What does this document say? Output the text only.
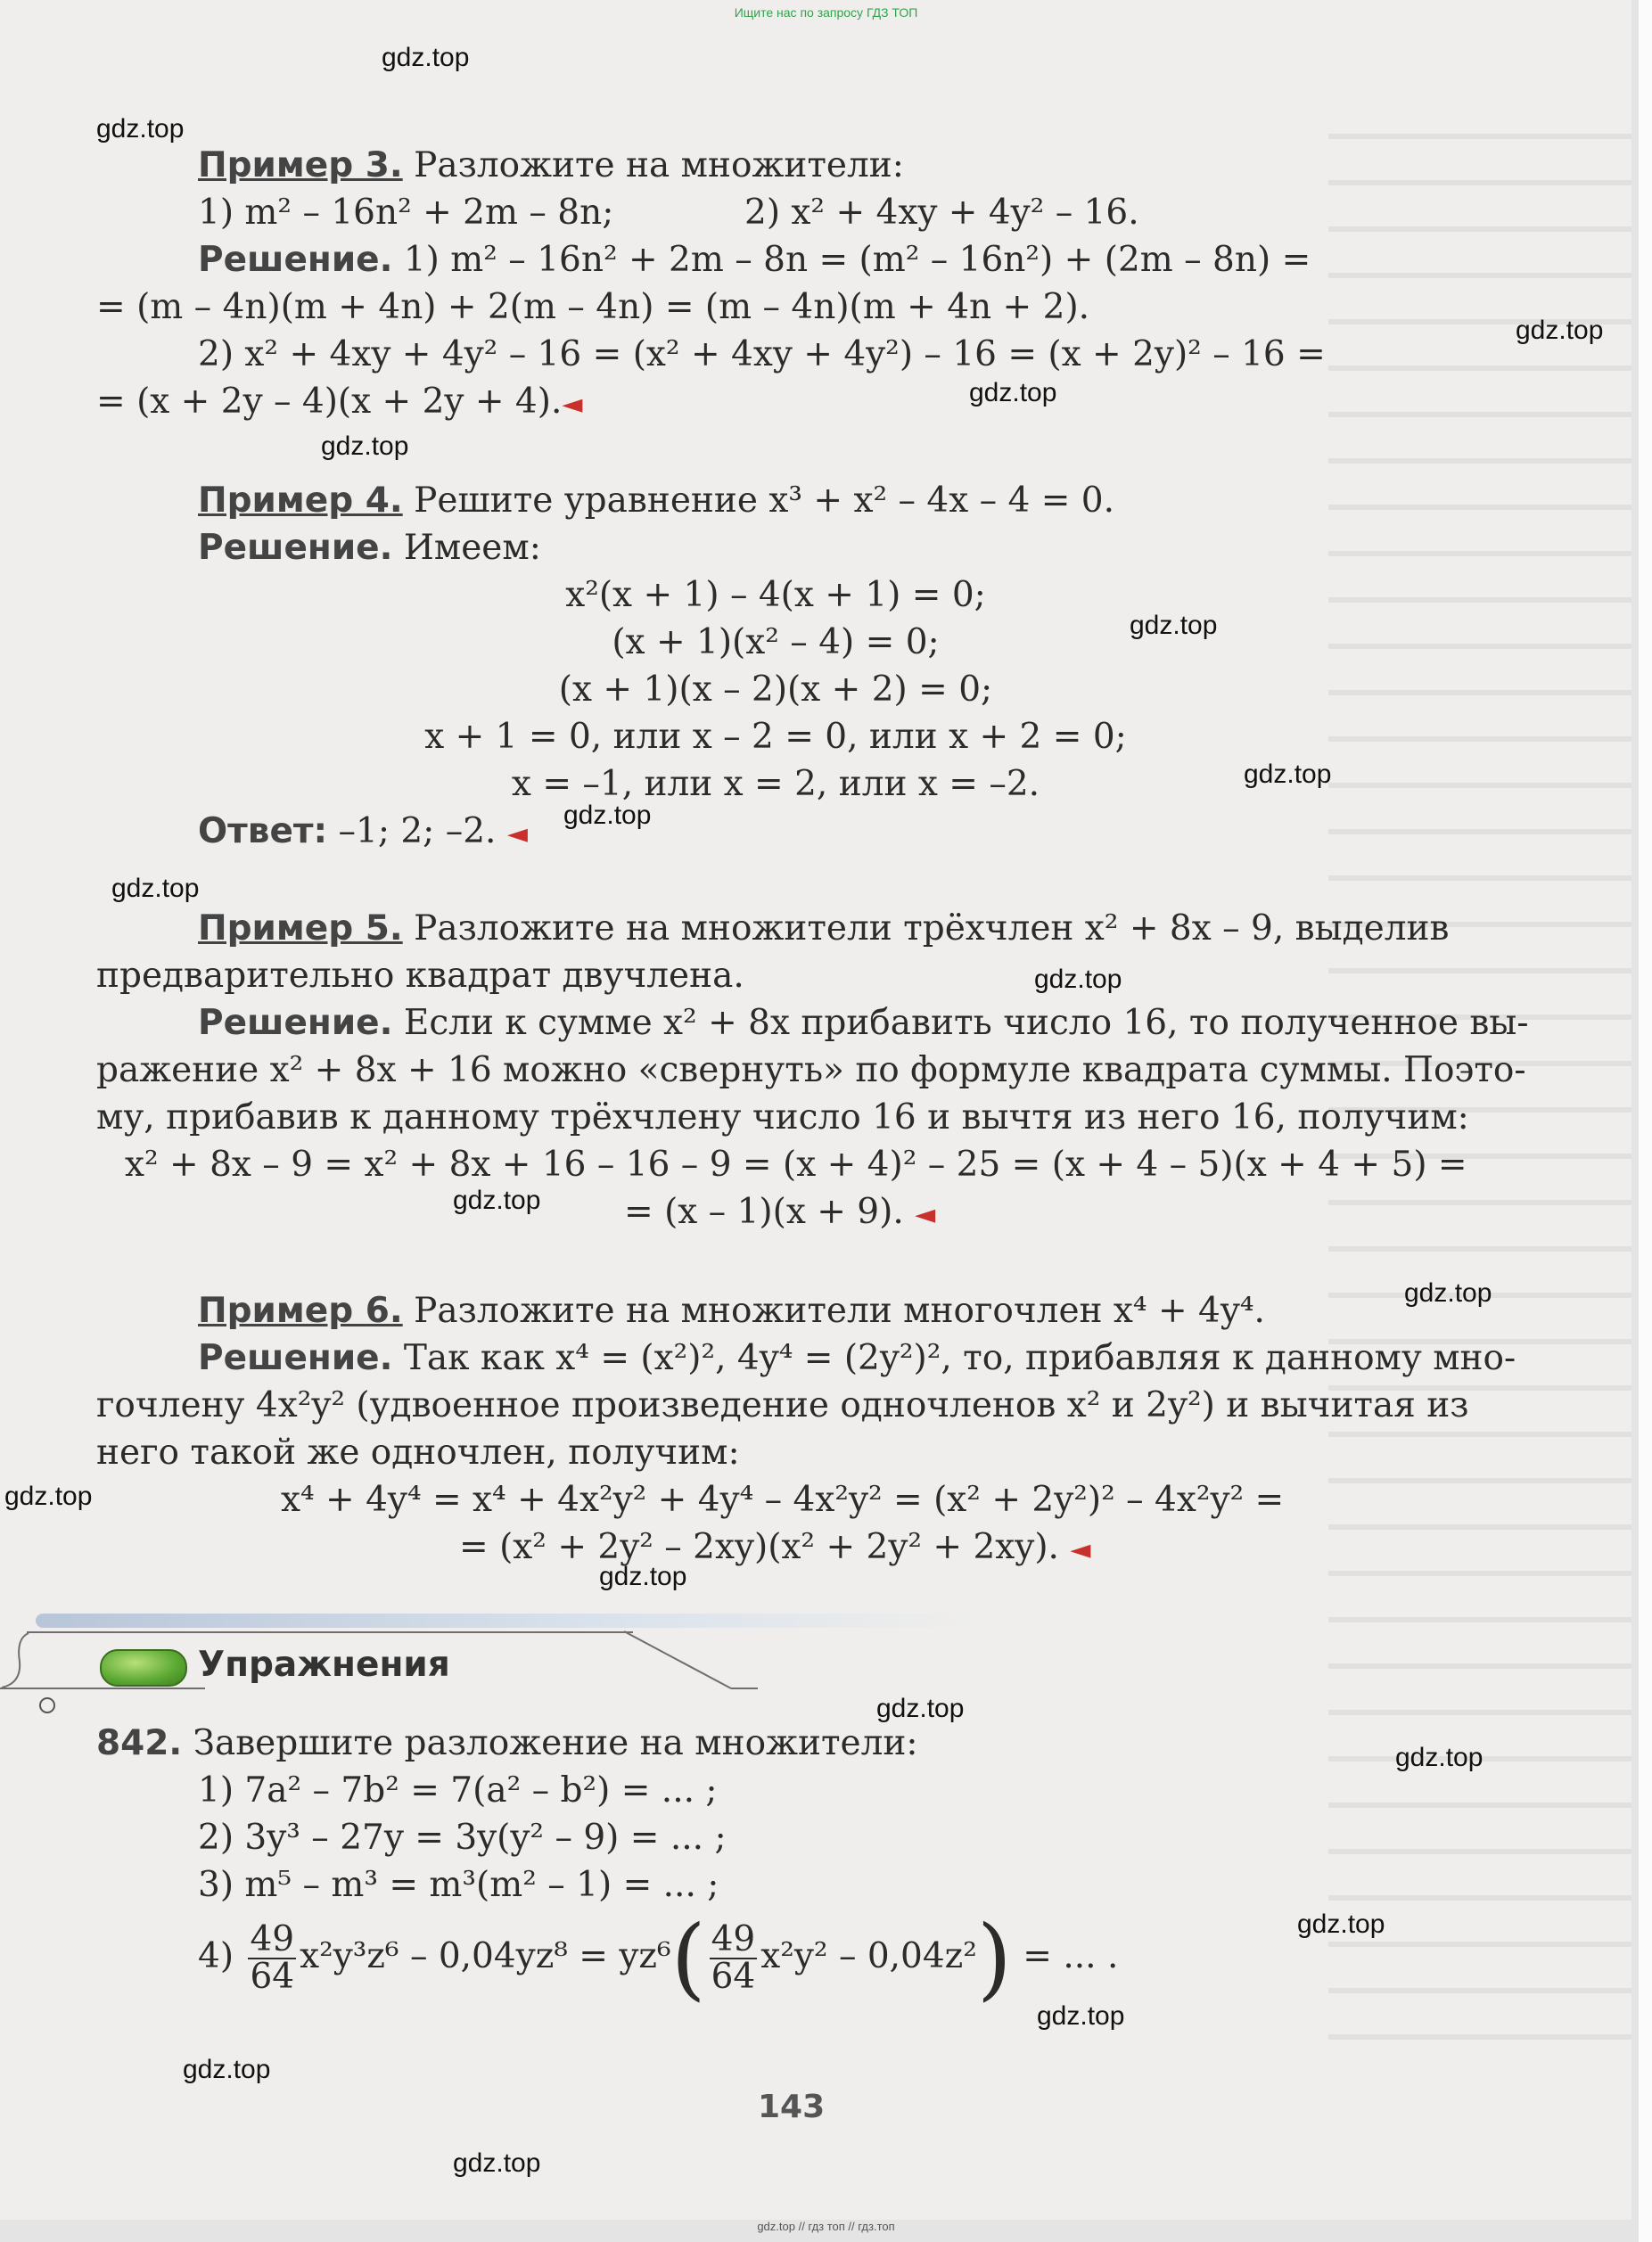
Ищите нас по запросу ГДЗ ТОП
Пример 3. Разложите на множители:
1) m² – 16n² + 2m – 8n;	2) x² + 4xy + 4y² – 16.
Решение. 1) m² – 16n² + 2m – 8n = (m² – 16n²) + (2m – 8n) =
= (m – 4n)(m + 4n) + 2(m – 4n) = (m – 4n)(m + 4n + 2).
2) x² + 4xy + 4y² – 16 = (x² + 4xy + 4y²) – 16 = (x + 2y)² – 16 =
= (x + 2y – 4)(x + 2y + 4).◄
Пример 4. Решите уравнение x³ + x² – 4x – 4 = 0.
Решение. Имеем:
x²(x + 1) – 4(x + 1) = 0;
(x + 1)(x² – 4) = 0;
(x + 1)(x – 2)(x + 2) = 0;
x + 1 = 0, или x – 2 = 0, или x + 2 = 0;
x = –1, или x = 2, или x = –2.
Ответ: –1; 2; –2. ◄
Пример 5. Разложите на множители трёхчлен x² + 8x – 9, выделив
предварительно квадрат двучлена.
Решение. Если к сумме x² + 8x прибавить число 16, то полученное вы-
ражение x² + 8x + 16 можно «свернуть» по формуле квадрата суммы. Поэто-
му, прибавив к данному трёхчлену число 16 и вычтя из него 16, получим:
x² + 8x – 9 = x² + 8x + 16 – 16 – 9 = (x + 4)² – 25 = (x + 4 – 5)(x + 4 + 5) =
= (x – 1)(x + 9). ◄
Пример 6. Разложите на множители многочлен x⁴ + 4y⁴.
Решение. Так как x⁴ = (x²)², 4y⁴ = (2y²)², то, прибавляя к данному мно-
гочлену 4x²y² (удвоенное произведение одночленов x² и 2y²) и вычитая из
него такой же одночлен, получим:
x⁴ + 4y⁴ = x⁴ + 4x²y² + 4y⁴ – 4x²y² = (x² + 2y²)² – 4x²y² =
= (x² + 2y² – 2xy)(x² + 2y² + 2xy). ◄
Упражнения
842. Завершите разложение на множители:
1) 7a² – 7b² = 7(a² – b²) = ... ;
2) 3y³ – 27y = 3y(y² – 9) = ... ;
3) m⁵ – m³ = m³(m² – 1) = ... ;
$4) \frac{49}{64} x^2y^3z^6 - 0,04yz^8 = yz^6( \frac{49}{64} x^2y^2 - 0,04z^2)$ = ... .
143
gdz.top
gdz.top
gdz.top
gdz.top
gdz.top
gdz.top
gdz.top
gdz.top
gdz.top
gdz.top
gdz.top
gdz.top
gdz.top
gdz.top
gdz.top
gdz.top
gdz.top
gdz.top
gdz.top
gdz.top
gdz.top // гдз топ // гдз.топ
